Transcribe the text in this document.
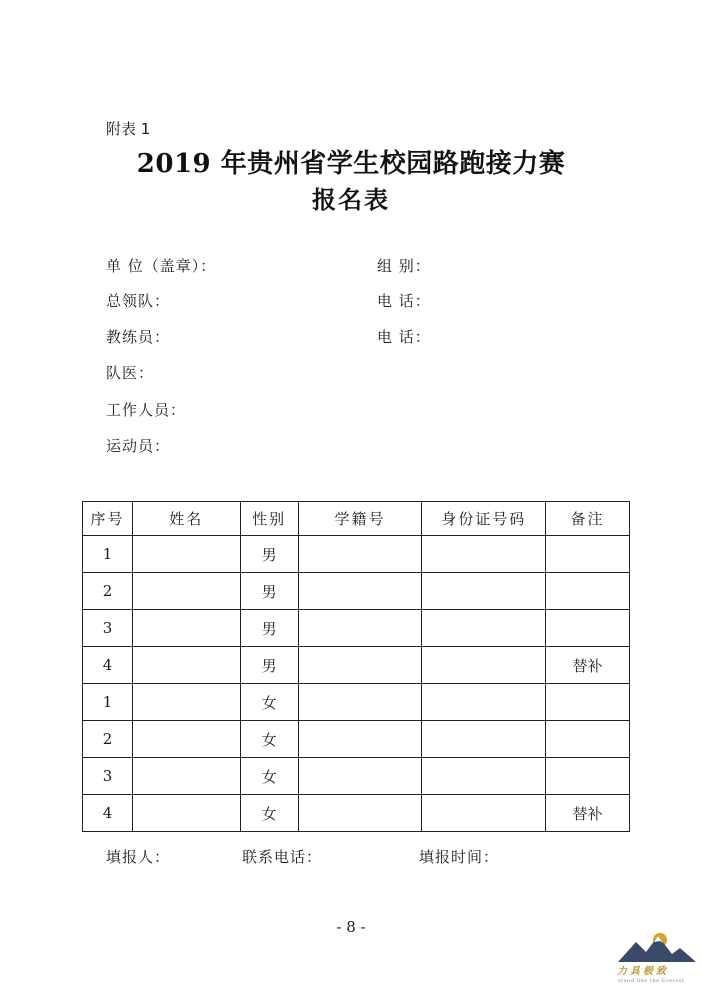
附表 1
2019 年贵州省学生校园路跑接力赛
报名表
单 位（盖章）：	组 别：
总领队：	电 话：
教练员：	电 话：
队医：
工作人员：
运动员：
序号	姓名	性别	学籍号	身份证号码	备注
1		男			
2		男			
3		男			
4		男			替补
1		女			
2		女			
3		女			
4		女			替补
填报人：	联系电话：	填报时间：
- 8 -
力具极致
stand like the Everest
